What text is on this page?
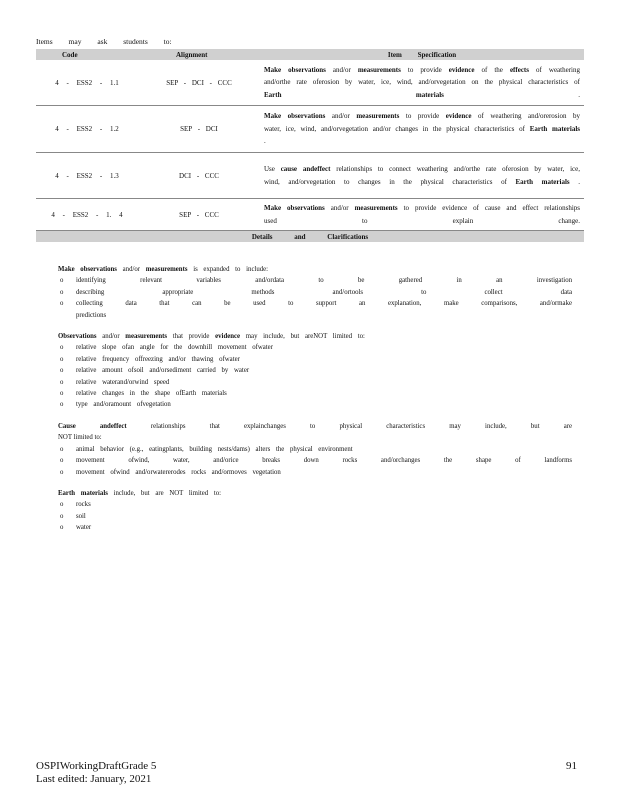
Items may ask students to:
Code	Alignment	Item Specification
4 - ESS2 - 1.1	SEP - DCI - CCC	Make observations and/or measurements to provide evidence of the effects of weathering and/orthe rate oferosion by water, ice, wind, and/orvegetation on the physical characteristics of Earth materials .
4 - ESS2 - 1.2	SEP - DCI	Make observations and/or measurements to provide evidence of weathering and/orerosion by water, ice, wind, and/orvegetation and/or changes in the physical characteristics of Earth materials .
4 - ESS2 - 1.3	DCI - CCC	Use cause andeffect relationships to connect weathering and/orthe rate oferosion by water, ice, wind, and/orvegetation to changes in the physical characteristics of Earth materials .
4 - ESS2 - 1. 4	SEP - CCC	Make observations and/or measurements to provide evidence of cause and effect relationships used to explain change.
Details and Clarifications		
Make observations and/or measurements is expanded to include:
o	identifying relevant variables and/ordata to be gathered in an investigation
o	describing appropriate methods and/ortools to collect data
o	collecting data that can be used to support an explanation, make comparisons, and/ormake
predictions
Observations and/or measurements that provide evidence may include, but areNOT limited to:
o	relative slope ofan angle for the downhill movement ofwater
o	relative frequency offreezing and/or thawing ofwater
o	relative amount ofsoil and/orsediment carried by water
o	relative waterand/orwind speed
o	relative changes in the shape ofEarth materials
o	type and/oramount ofvegetation
Cause andeffect relationships that explainchanges to physical characteristics may include, but are
NOT limited to:
o	animal behavior (e.g., eatingplants, building nests/dams) alters the physical environment
o	movement ofwind, water, and/orice breaks down rocks and/orchanges the shape of landforms
o	movement ofwind and/orwatererodes rocks and/ormoves vegetation
Earth materials include, but are NOT limited to:
o	rocks
o	soil
o	water
OSPIWorkingDraftGrade 5
Last edited: January, 2021
91
